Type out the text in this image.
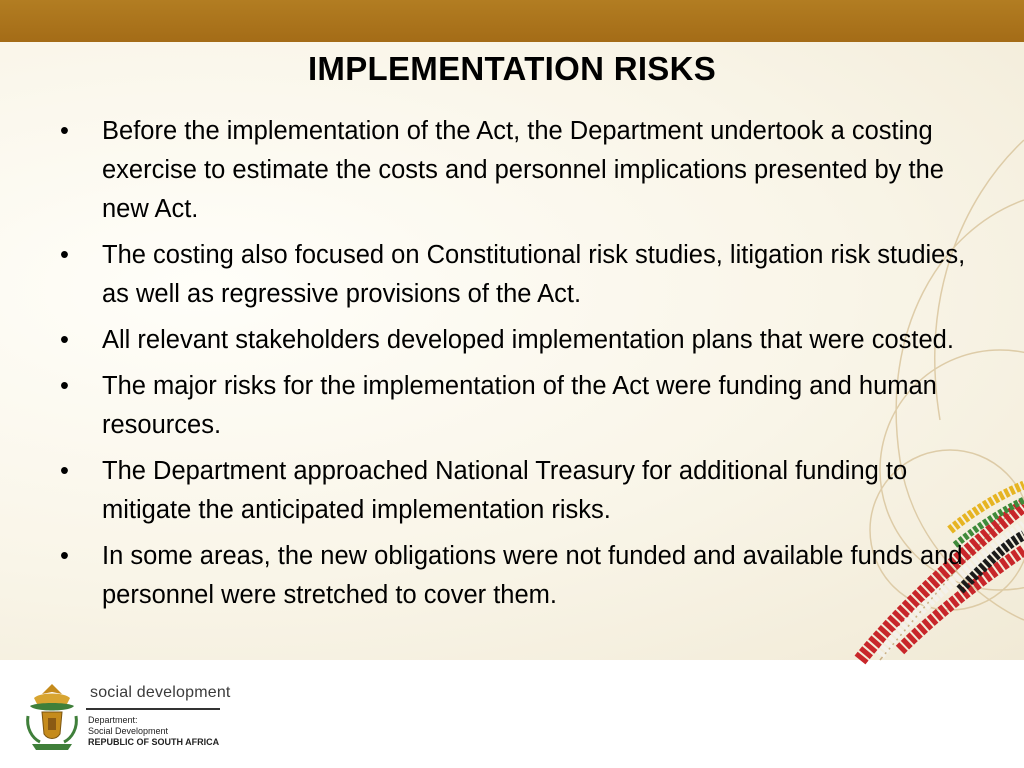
IMPLEMENTATION RISKS
• Before the implementation of the Act, the Department undertook a costing exercise to estimate the costs and personnel implications presented by the new Act.
• The costing also focused on Constitutional risk studies, litigation risk studies, as well as regressive provisions of the Act.
• All relevant stakeholders developed implementation plans that were costed.
• The major risks for the implementation of the Act were funding and human resources.
• The Department approached National Treasury for additional funding to mitigate the anticipated implementation risks.
• In some areas, the new obligations were not funded and available funds and personnel were stretched to cover them.
social development
Department:
Social Development
REPUBLIC OF SOUTH AFRICA
